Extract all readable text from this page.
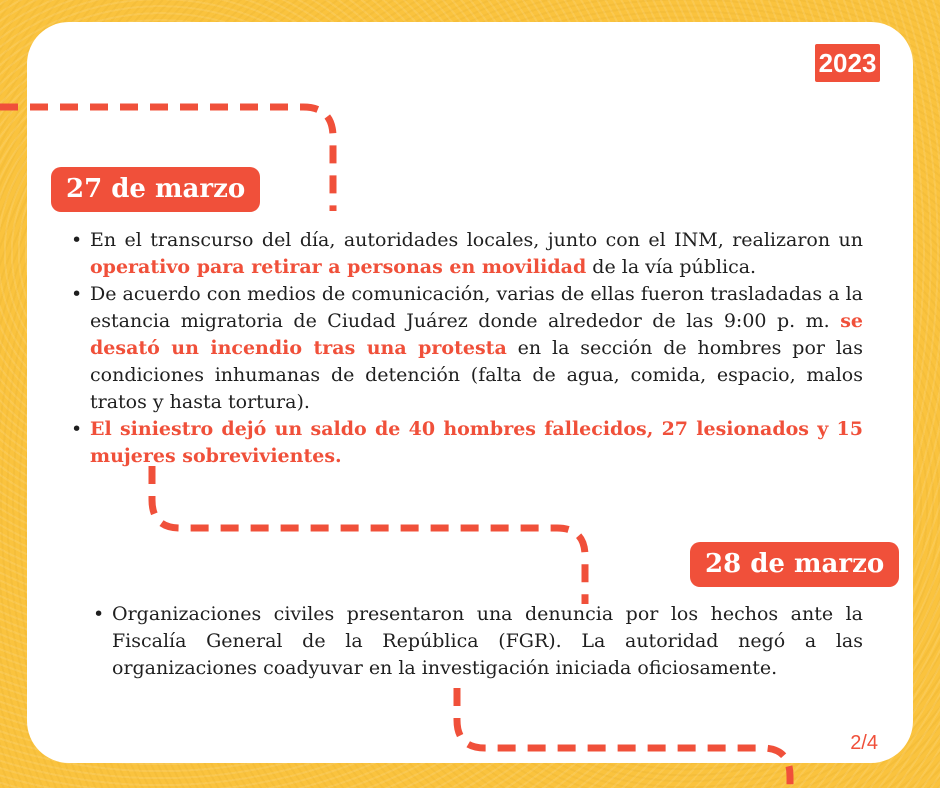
2023
27 de marzo
• En el transcurso del día, autoridades locales, junto con el INM, realizaron un operativo para retirar a personas en movilidad de la vía pública.
• De acuerdo con medios de comunicación, varias de ellas fueron trasladadas a la estancia migratoria de Ciudad Juárez donde alrededor de las 9:00 p. m. se desató un incendio tras una protesta en la sección de hombres por las condiciones inhumanas de detención (falta de agua, comida, espacio, malos tratos y hasta tortura).
• El siniestro dejó un saldo de 40 hombres fallecidos, 27 lesionados y 15 mujeres sobrevivientes.
28 de marzo
• Organizaciones civiles presentaron una denuncia por los hechos ante la Fiscalía General de la República (FGR). La autoridad negó a las organizaciones coadyuvar en la investigación iniciada oficiosamente.
2/4
